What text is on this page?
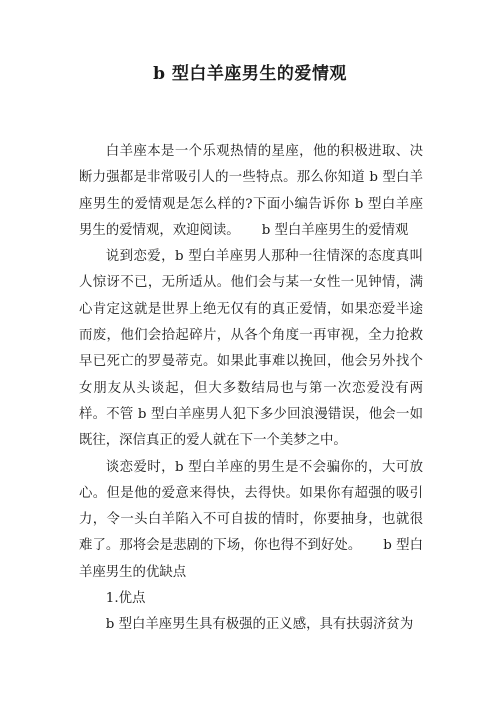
b 型白羊座男生的爱情观

白羊座本是一个乐观热情的星座，他的积极进取、决断力强都是非常吸引人的一些特点。那么你知道 b 型白羊座男生的爱情观是怎么样的?下面小编告诉你 b 型白羊座男生的爱情观，欢迎阅读。 b 型白羊座男生的爱情观

说到恋爱，b 型白羊座男人那种一往情深的态度真叫人惊讶不已，无所适从。他们会与某一女性一见钟情，满心肯定这就是世界上绝无仅有的真正爱情，如果恋爱半途而废，他们会拾起碎片，从各个角度一再审视，全力抢救早已死亡的罗曼蒂克。如果此事难以挽回，他会另外找个女朋友从头谈起，但大多数结局也与第一次恋爱没有两样。不管 b 型白羊座男人犯下多少回浪漫错误，他会一如既往，深信真正的爱人就在下一个美梦之中。

谈恋爱时，b 型白羊座的男生是不会骗你的，大可放心。但是他的爱意来得快，去得快。如果你有超强的吸引力，令一头白羊陷入不可自拔的情时，你要抽身，也就很难了。那将会是悲剧的下场，你也得不到好处。 b 型白羊座男生的优缺点

1.优点

b 型白羊座男生具有极强的正义感，具有扶弱济贫为
